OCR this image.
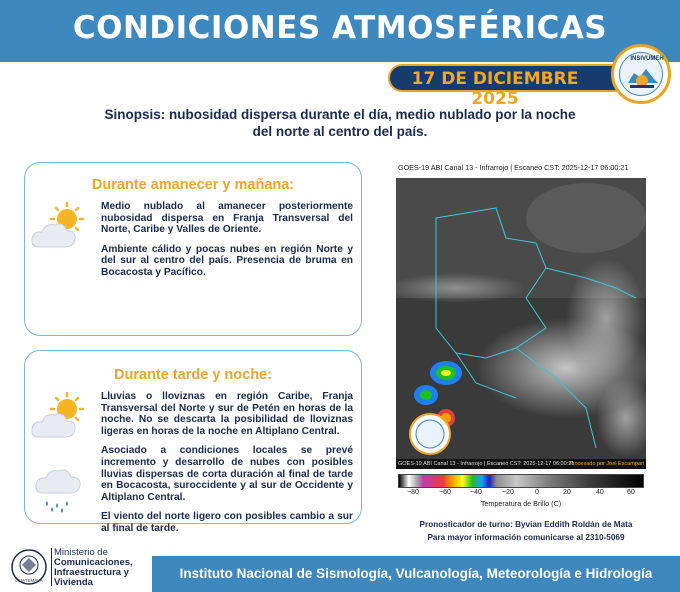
CONDICIONES ATMOSFÉRICAS
17 DE DICIEMBRE 2025
INSIVUMEH
Sinopsis: nubosidad dispersa durante el día, medio nublado por la noche
del norte al centro del país.
Durante amanecer y mañana:

Medio nublado al amanecer posteriormente nubosidad dispersa en Franja Transversal del Norte, Caribe y Valles de Oriente.

Ambiente cálido y pocas nubes en región Norte y del sur al centro del país. Presencia de bruma en Bocacosta y Pacífico.

Durante tarde y noche:

Lluvias o lloviznas en región Caribe, Franja Transversal del Norte y sur de Petén en horas de la noche. No se descarta la posibilidad de lloviznas ligeras en horas de la noche en Altiplano Central.

Asociado a condiciones locales se prevé incremento y desarrollo de nubes con posibles lluvias dispersas de corta duración al final de tarde en Bocacosta, suroccidente y al sur de Occidente y Altiplano Central.

El viento del norte ligero con posibles cambio a sur al final de tarde.

GOES-19 ABI Canal 13 - Infrarrojo | Escaneo CST: 2025-12-17 06:00:21
GOES-19 ABI Canal 13 - Infrarrojo | Escaneo CST: 2025-12-17 06:00:21
Procesado por Joel Escampari
−80	−60	−40	−20	0	20	40	60
Temperatura de Brillo (C)
Pronosticador de turno: Byvian Eddith Roldán de Mata
Para mayor información comunicarse al 2310-5069
GUATEMALA
Ministerio de
Comunicaciones,
Infraestructura y
Vivienda
Instituto Nacional de Sismología, Vulcanología, Meteorología e Hidrología
